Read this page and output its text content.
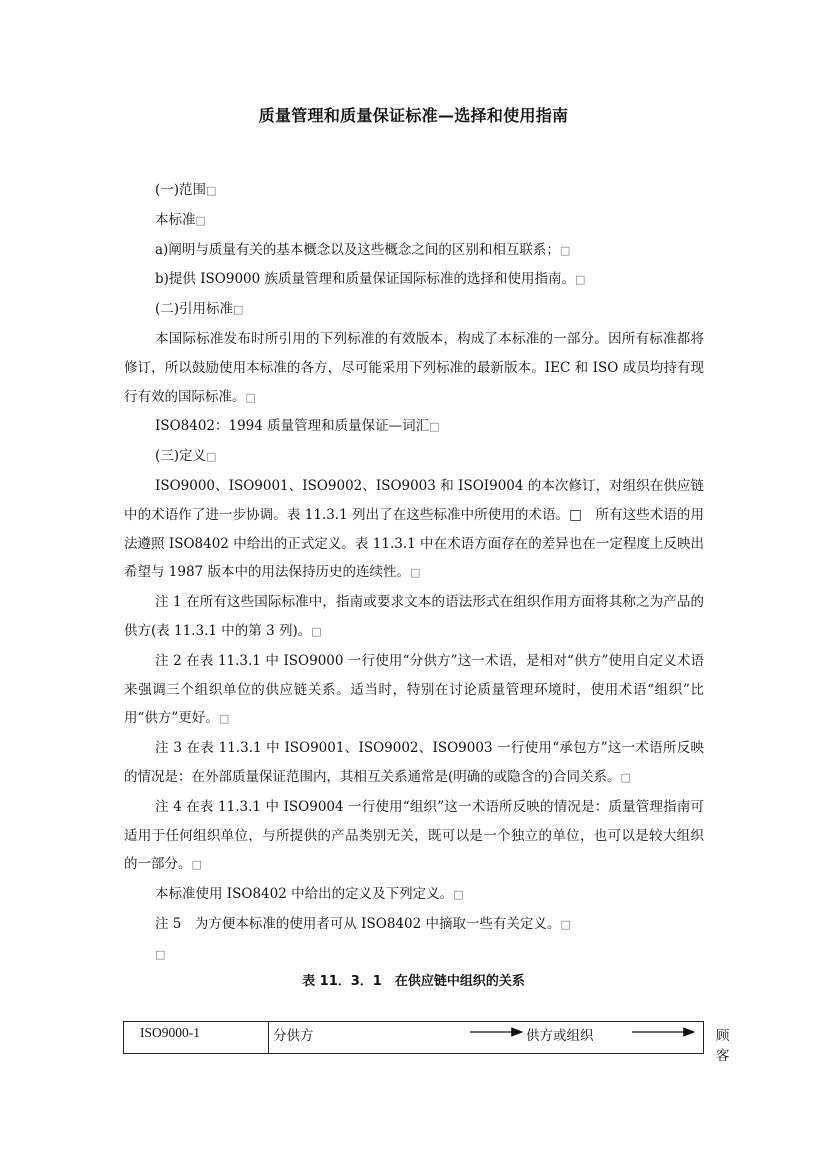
质量管理和质量保证标准—选择和使用指南

(一)范围□

本标准□

a)阐明与质量有关的基本概念以及这些概念之间的区别和相互联系；□

b)提供 ISO9000 族质量管理和质量保证国际标准的选择和使用指南。□

(二)引用标准□

本国际标准发布时所引用的下列标准的有效版本，构成了本标准的一部分。因所有标准都将修订，所以鼓励使用本标准的各方，尽可能采用下列标准的最新版本。IEC 和 ISO 成员均持有现行有效的国际标准。□

ISO8402：1994 质量管理和质量保证—词汇□

(三)定义□

ISO9000、ISO9001、ISO9002、ISO9003 和 ISOI9004 的本次修订，对组织在供应链中的术语作了进一步协调。表 11.3.1 列出了在这些标准中所使用的术语。□　所有这些术语的用法遵照 ISO8402 中给出的正式定义。表 11.3.1 中在术语方面存在的差异也在一定程度上反映出希望与 1987 版本中的用法保持历史的连续性。□

注 1 在所有这些国际标准中，指南或要求文本的语法形式在组织作用方面将其称之为产品的供方(表 11.3.1 中的第 3 列)。□

注 2 在表 11.3.1 中 ISO9000 一行使用“分供方”这一术语，是相对“供方”使用自定义术语来强调三个组织单位的供应链关系。适当时，特别在讨论质量管理环境时，使用术语“组织”比用“供方”更好。□

注 3 在表 11.3.1 中 ISO9001、ISO9002、ISO9003 一行使用“承包方”这一术语所反映的情况是：在外部质量保证范围内，其相互关系通常是(明确的或隐含的)合同关系。□

注 4 在表 11.3.1 中 ISO9004 一行使用“组织”这一术语所反映的情况是：质量管理指南可适用于任何组织单位，与所提供的产品类别无关，既可以是一个独立的单位，也可以是较大组织的一部分。□

本标准使用 ISO8402 中给出的定义及下列定义。□

注 5　为方便本标准的使用者可从 ISO8402 中摘取一些有关定义。□

□

表 11．3．1　在供应链中组织的关系
ISO9000-1	分供方	供方或组织	顾客
